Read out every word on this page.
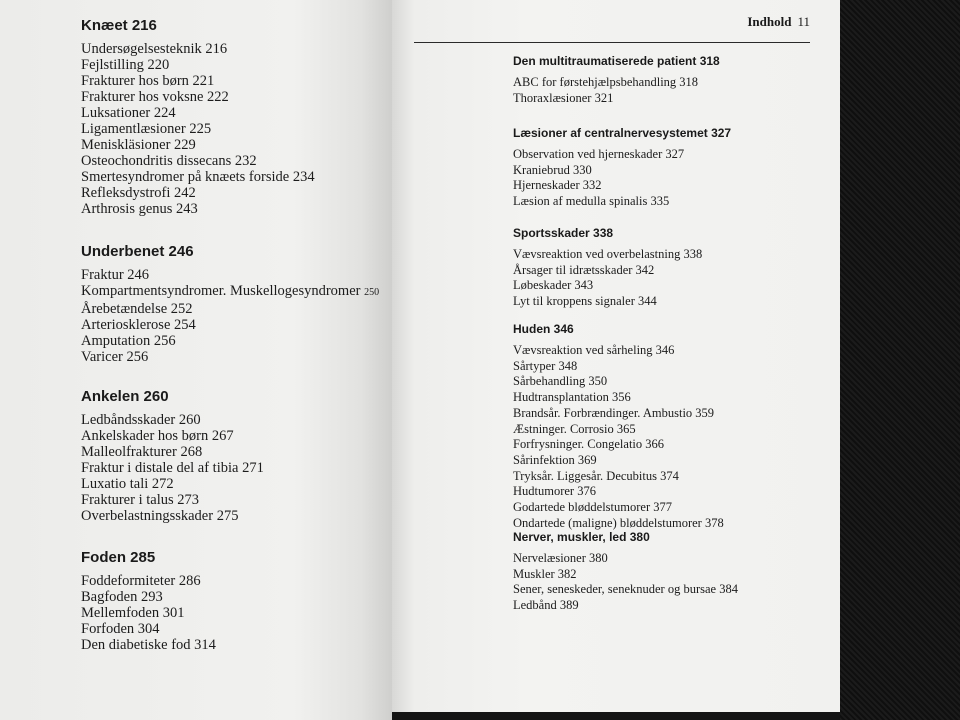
Knæet 216
Undersøgelsesteknik 216
Fejlstilling 220
Frakturer hos børn 221
Frakturer hos voksne 222
Luksationer 224
Ligamentlæsioner 225
Meniskläsioner 229
Osteochondritis dissecans 232
Smertesyndromer på knæets forside 234
Refleksdystrofi 242
Arthrosis genus 243
Underbenet 246
Fraktur 246
Kompartmentsyndromer. Muskellogesyndromer 250
Årebetændelse 252
Arteriosklerose 254
Amputation 256
Varicer 256
Ankelen 260
Ledbåndsskader 260
Ankelskader hos børn 267
Malleolfrakturer 268
Fraktur i distale del af tibia 271
Luxatio tali 272
Frakturer i talus 273
Overbelastningsskader 275
Foden 285
Foddeformiteter 286
Bagfoden 293
Mellemfoden 301
Forfoden 304
Den diabetiske fod 314
Indhold 11
Den multitraumatiserede patient 318
ABC for førstehjælpsbehandling 318
Thoraxlæsioner 321
Læsioner af centralnervesystemet 327
Observation ved hjerneskader 327
Kraniebrud 330
Hjerneskader 332
Læsion af medulla spinalis 335
Sportsskader 338
Vævsreaktion ved overbelastning 338
Årsager til idrætsskader 342
Løbeskader 343
Lyt til kroppens signaler 344
Huden 346
Vævsreaktion ved sårheling 346
Sårtyper 348
Sårbehandling 350
Hudtransplantation 356
Brandsår. Forbrændinger. Ambustio 359
Æstninger. Corrosio 365
Forfrysninger. Congelatio 366
Sårinfektion 369
Tryksår. Liggesår. Decubitus 374
Hudtumorer 376
Godartede bløddelstumorer 377
Ondartede (maligne) bløddelstumorer 378
Nerver, muskler, led 380
Nervelæsioner 380
Muskler 382
Sener, seneskeder, seneknuder og bursae 384
Ledbånd 389
